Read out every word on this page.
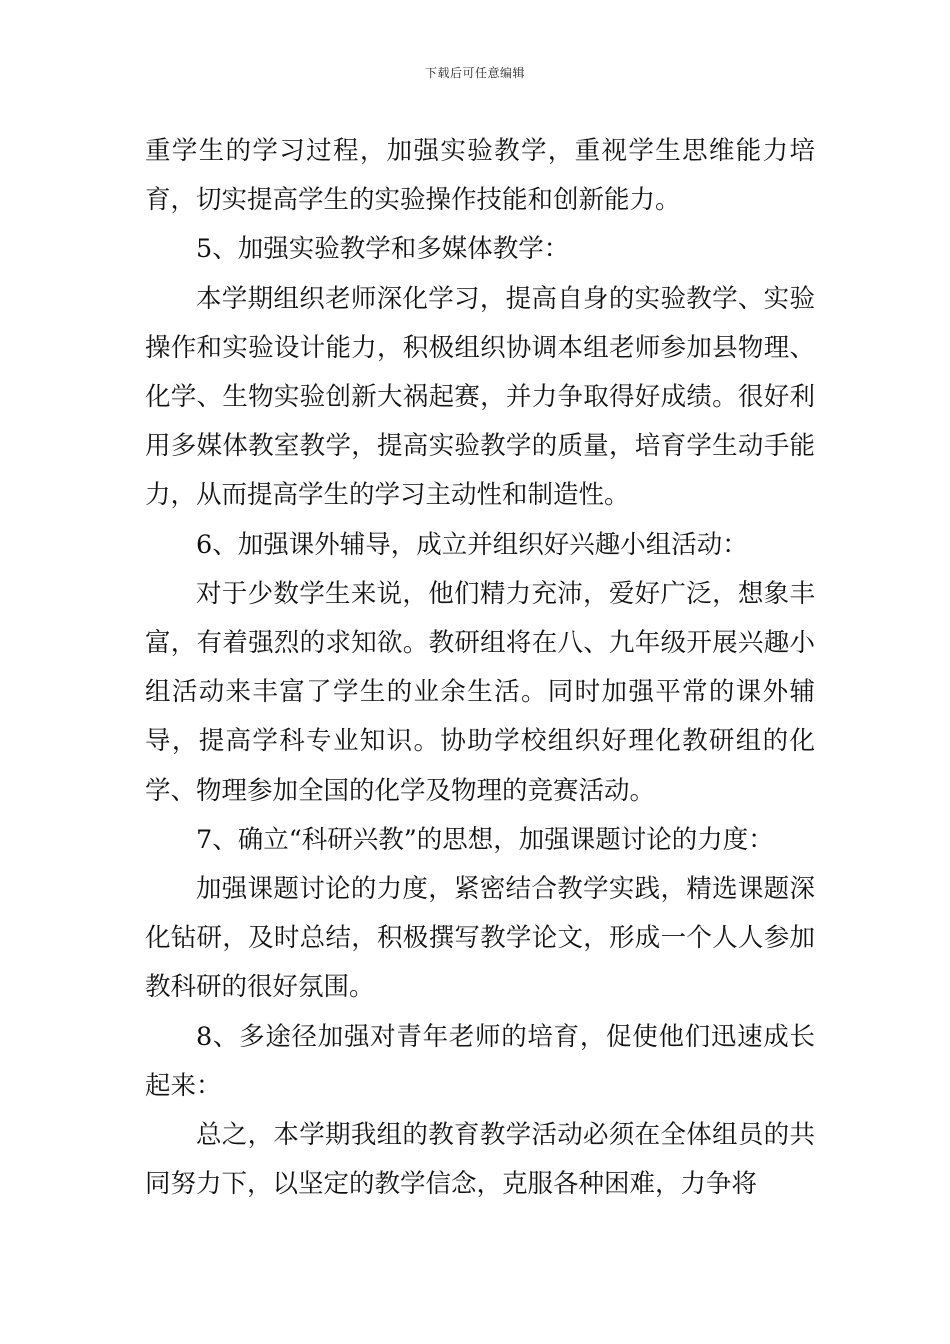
下载后可任意编辑

重学生的学习过程，加强实验教学，重视学生思维能力培育，切实提高学生的实验操作技能和创新能力。

5、加强实验教学和多媒体教学：

本学期组织老师深化学习，提高自身的实验教学、实验操作和实验设计能力，积极组织协调本组老师参加县物理、化学、生物实验创新大祸起赛，并力争取得好成绩。很好利用多媒体教室教学，提高实验教学的质量，培育学生动手能力，从而提高学生的学习主动性和制造性。

6、加强课外辅导，成立并组织好兴趣小组活动：

对于少数学生来说，他们精力充沛，爱好广泛，想象丰富，有着强烈的求知欲。教研组将在八、九年级开展兴趣小组活动来丰富了学生的业余生活。同时加强平常的课外辅导，提高学科专业知识。协助学校组织好理化教研组的化学、物理参加全国的化学及物理的竞赛活动。

7、确立“科研兴教”的思想，加强课题讨论的力度：

加强课题讨论的力度，紧密结合教学实践，精选课题深化钻研，及时总结，积极撰写教学论文，形成一个人人参加教科研的很好氛围。

8、多途径加强对青年老师的培育，促使他们迅速成长起来：

总之，本学期我组的教育教学活动必须在全体组员的共同努力下，以坚定的教学信念，克服各种困难，力争将
